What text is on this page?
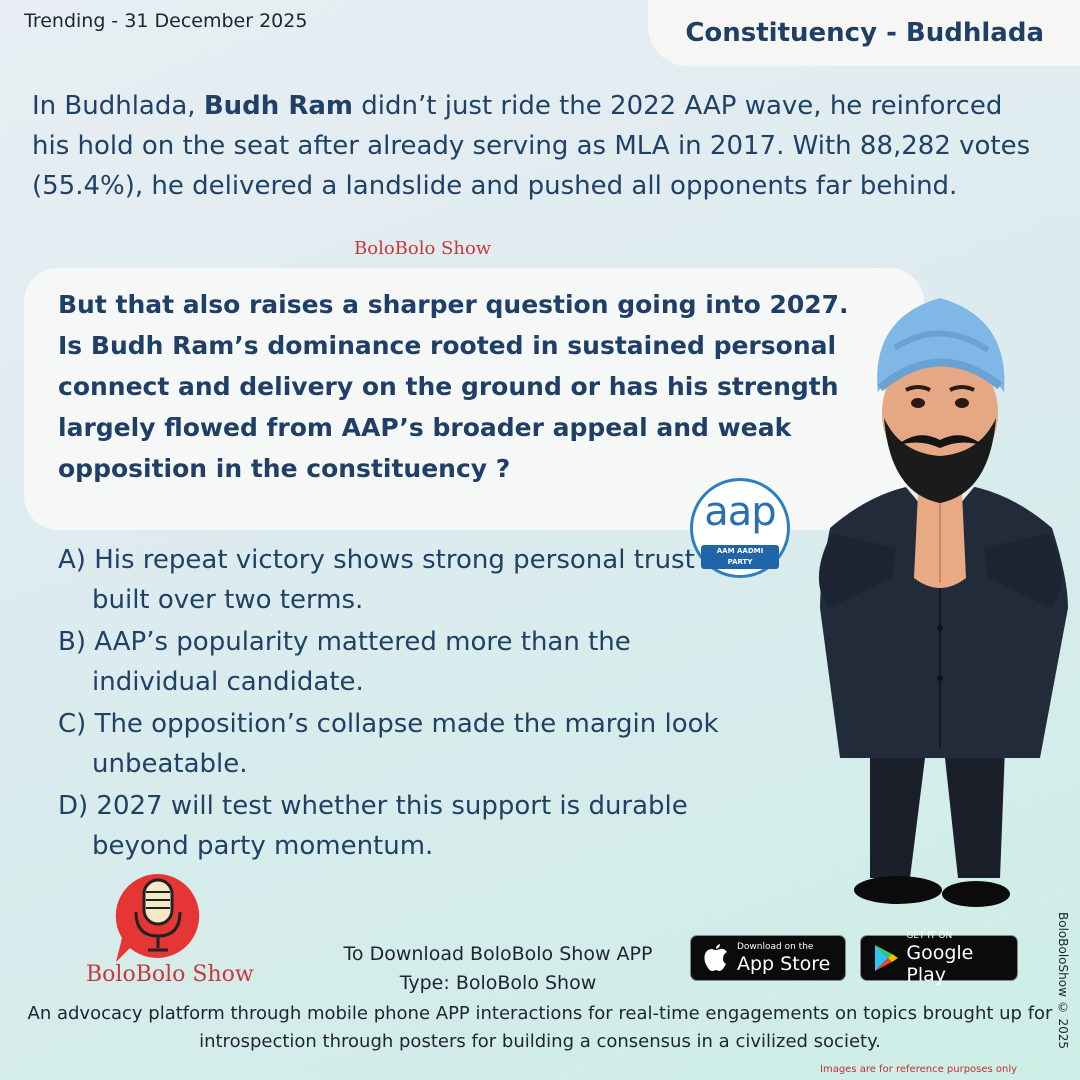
Trending - 31 December 2025	Constituency - Budhlada
In Budhlada, Budh Ram didn’t just ride the 2022 AAP wave, he reinforced his hold on the seat after already serving as MLA in 2017. With 88,282 votes (55.4%), he delivered a landslide and pushed all opponents far behind.
BoloBolo Show
But that also raises a sharper question going into 2027. Is Budh Ram’s dominance rooted in sustained personal connect and delivery on the ground or has his strength largely flowed from AAP’s broader appeal and weak opposition in the constituency ?
A) His repeat victory shows strong personal trust built over two terms.
B) AAP’s popularity mattered more than the individual candidate.
C) The opposition’s collapse made the margin look unbeatable.
D) 2027 will test whether this support is durable beyond party momentum.
aap
AAM AADMI
PARTY
BoloBolo Show
To Download BoloBolo Show APP
Type: BoloBolo Show
Download on the
App Store
GET IT ON
Google Play
An advocacy platform through mobile phone APP interactions for real-time engagements on topics brought up for introspection through posters for building a consensus in a civilized society.	BoloBoloShow © 2025
Images are for reference purposes only
